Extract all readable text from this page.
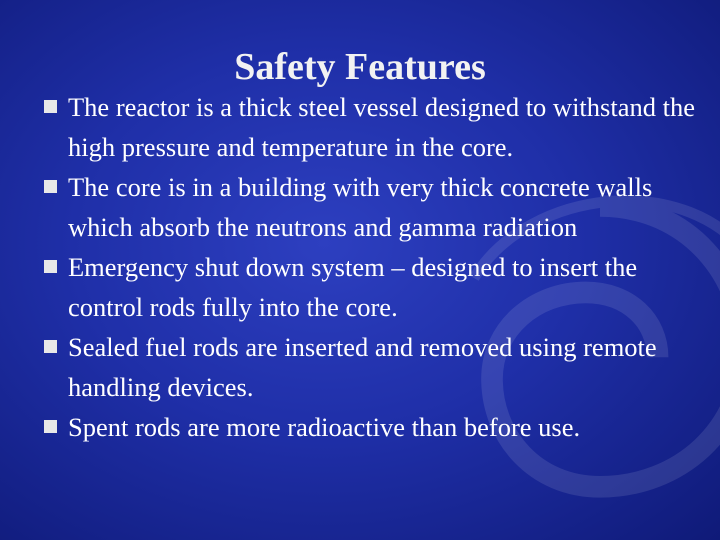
Safety Features
The reactor is a thick steel vessel designed to withstand the high pressure and temperature in the core.
The core is in a building with very thick concrete walls which absorb the neutrons and gamma radiation
Emergency shut down system – designed to insert the control rods fully into the core.
Sealed fuel rods are inserted and removed using remote handling devices.
Spent rods are more radioactive than before use.
